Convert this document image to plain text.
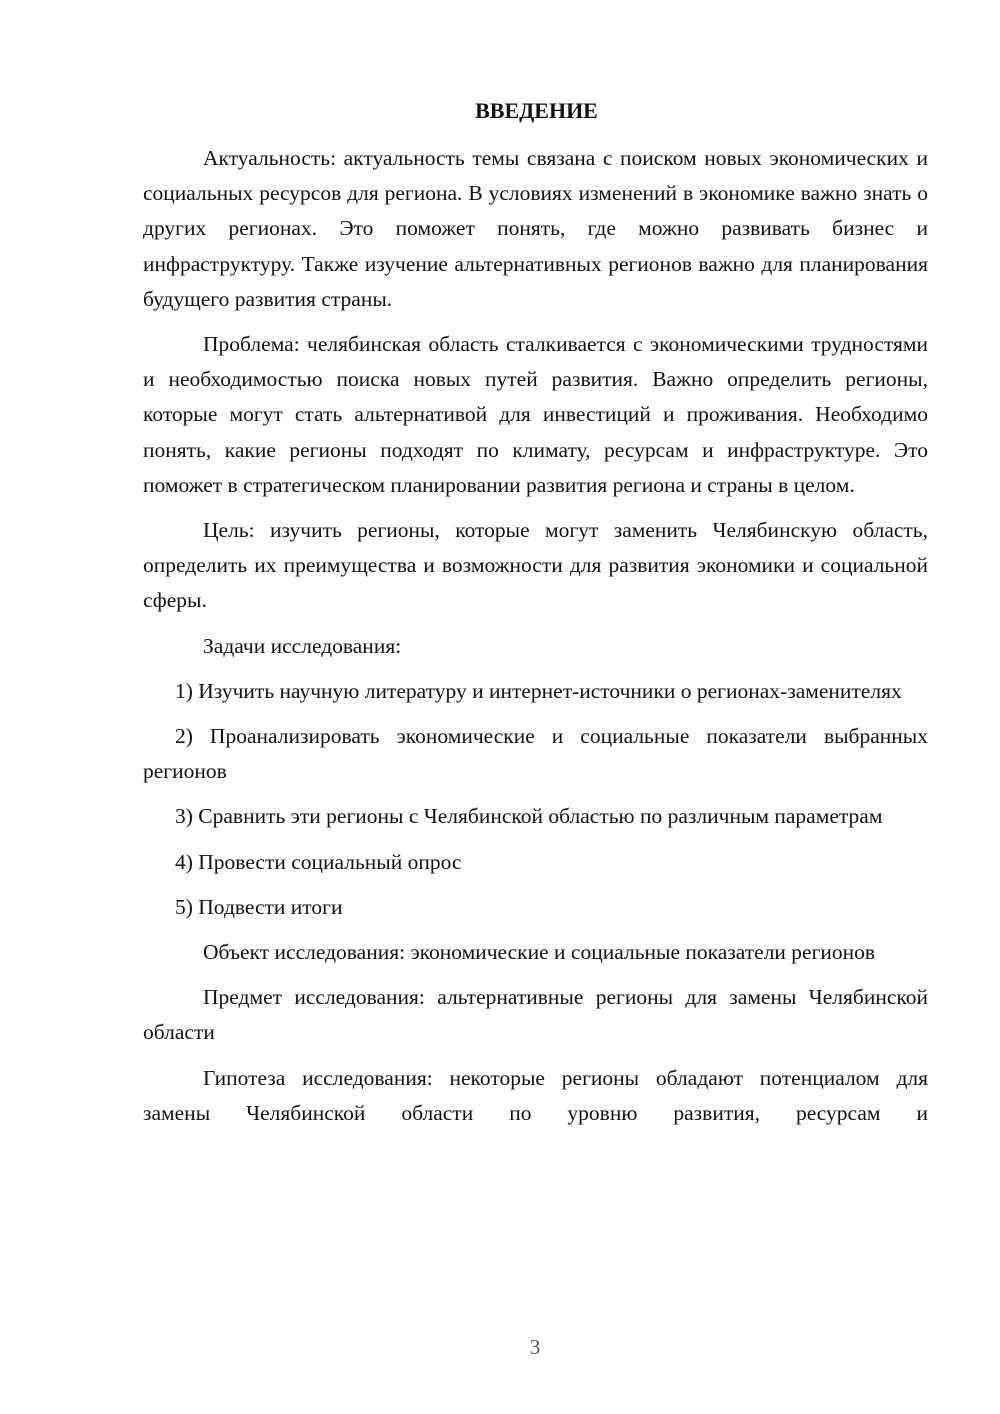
ВВЕДЕНИЕ

Актуальность: актуальность темы связана с поиском новых экономических и социальных ресурсов для региона. В условиях изменений в экономике важно знать о других регионах. Это поможет понять, где можно развивать бизнес и инфраструктуру. Также изучение альтернативных регионов важно для планирования будущего развития страны.

Проблема: челябинская область сталкивается с экономическими трудностями и необходимостью поиска новых путей развития. Важно определить регионы, которые могут стать альтернативой для инвестиций и проживания. Необходимо понять, какие регионы подходят по климату, ресурсам и инфраструктуре. Это поможет в стратегическом планировании развития региона и страны в целом.

Цель: изучить регионы, которые могут заменить Челябинскую область, определить их преимущества и возможности для развития экономики и социальной сферы.

Задачи исследования:

1) Изучить научную литературу и интернет-источники о регионах-заменителях

2) Проанализировать экономические и социальные показатели выбранных регионов

3) Сравнить эти регионы с Челябинской областью по различным параметрам

4) Провести социальный опрос

5) Подвести итоги

Объект исследования: экономические и социальные показатели регионов

Предмет исследования: альтернативные регионы для замены Челябинской области

Гипотеза исследования: некоторые регионы обладают потенциалом для замены Челябинской области по уровню развития, ресурсам и

3
